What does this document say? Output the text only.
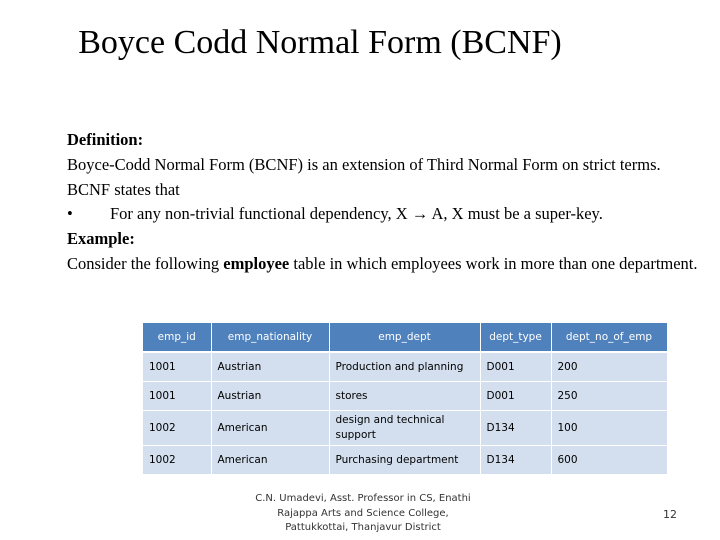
Boyce Codd Normal Form (BCNF)

Definition:

Boyce-Codd Normal Form (BCNF) is an extension of Third Normal Form on strict terms.

BCNF states that

•	For any non-trivial functional dependency, X → A, X must be a super-key.

Example:

Consider the following employee table in which employees work in more than one department.

emp_id	emp_nationality	emp_dept	dept_type	dept_no_of_emp
1001	Austrian	Production and planning	D001	200
1001	Austrian	stores	D001	250
1002	American	design and technical support	D134	100
1002	American	Purchasing department	D134	600
C.N. Umadevi, Asst. Professor in CS, Enathi Rajappa Arts and Science College, Pattukkottai, Thanjavur District
12
